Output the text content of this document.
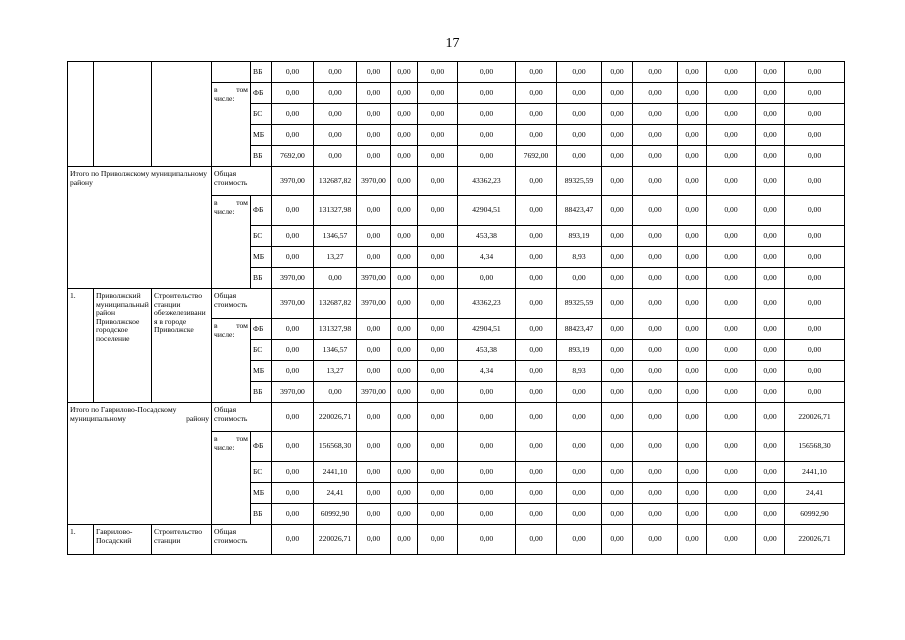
17
				ВБ	0,00	0,00	0,00	0,00	0,00	0,00	0,00	0,00	0,00	0,00	0,00	0,00	0,00	0,00

			в том
числе:	ФБ	0,00	0,00	0,00	0,00	0,00	0,00	0,00	0,00	0,00	0,00	0,00	0,00	0,00	0,00
				БС	0,00	0,00	0,00	0,00	0,00	0,00	0,00	0,00	0,00	0,00	0,00	0,00	0,00	0,00
				МБ	0,00	0,00	0,00	0,00	0,00	0,00	0,00	0,00	0,00	0,00	0,00	0,00	0,00	0,00
				ВБ	7692,00	0,00	0,00	0,00	0,00	0,00	7692,00	0,00	0,00	0,00	0,00	0,00	0,00	0,00
Итого по Приволжскому муниципальному району			Общая стоимость		3970,00	132687,82	3970,00	0,00	0,00	43362,23	0,00	89325,59	0,00	0,00	0,00	0,00	0,00	0,00

			в том
числе:	ФБ	0,00	131327,98	0,00	0,00	0,00	42904,51	0,00	88423,47	0,00	0,00	0,00	0,00	0,00	0,00
				БС	0,00	1346,57	0,00	0,00	0,00	453,38	0,00	893,19	0,00	0,00	0,00	0,00	0,00	0,00
				МБ	0,00	13,27	0,00	0,00	0,00	4,34	0,00	8,93	0,00	0,00	0,00	0,00	0,00	0,00
				ВБ	3970,00	0,00	3970,00	0,00	0,00	0,00	0,00	0,00	0,00	0,00	0,00	0,00	0,00	0,00
1.	Приволжский муниципальный район Приволжское городское поселение	Строительство станции обезжелезивания в городе Приволжске	Общая стоимость		3970,00	132687,82	3970,00	0,00	0,00	43362,23	0,00	89325,59	0,00	0,00	0,00	0,00	0,00	0,00

			в том
числе:	ФБ	0,00	131327,98	0,00	0,00	0,00	42904,51	0,00	88423,47	0,00	0,00	0,00	0,00	0,00	0,00
				БС	0,00	1346,57	0,00	0,00	0,00	453,38	0,00	893,19	0,00	0,00	0,00	0,00	0,00	0,00
				МБ	0,00	13,27	0,00	0,00	0,00	4,34	0,00	8,93	0,00	0,00	0,00	0,00	0,00	0,00
				ВБ	3970,00	0,00	3970,00	0,00	0,00	0,00	0,00	0,00	0,00	0,00	0,00	0,00	0,00	0,00
Итого по Гаврилово-Посадскому муниципальному району			Общая стоимость		0,00	220026,71	0,00	0,00	0,00	0,00	0,00	0,00	0,00	0,00	0,00	0,00	0,00	220026,71

			в том
числе:	ФБ	0,00	156568,30	0,00	0,00	0,00	0,00	0,00	0,00	0,00	0,00	0,00	0,00	0,00	156568,30
				БС	0,00	2441,10	0,00	0,00	0,00	0,00	0,00	0,00	0,00	0,00	0,00	0,00	0,00	2441,10
				МБ	0,00	24,41	0,00	0,00	0,00	0,00	0,00	0,00	0,00	0,00	0,00	0,00	0,00	24,41
				ВБ	0,00	60992,90	0,00	0,00	0,00	0,00	0,00	0,00	0,00	0,00	0,00	0,00	0,00	60992,90
1.	Гаврилово-Посадский	Строительство станции	Общая стоимость		0,00	220026,71	0,00	0,00	0,00	0,00	0,00	0,00	0,00	0,00	0,00	0,00	0,00	220026,71
